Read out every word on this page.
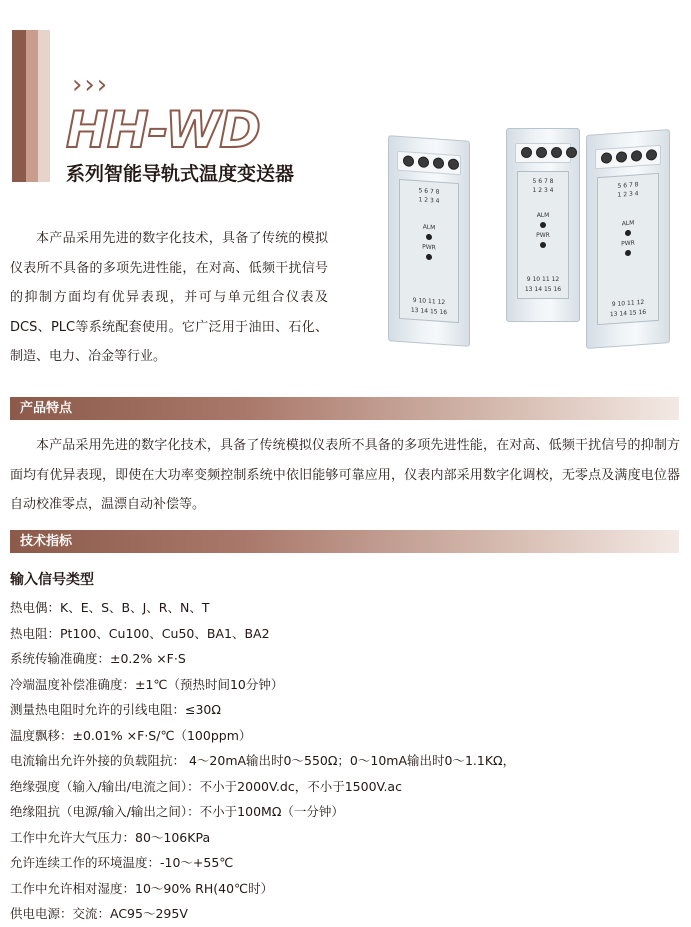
›››
HH-WD
系列智能导轨式温度变送器

本产品采用先进的数字化技术，具备了传统的模拟仪表所不具备的多项先进性能，在对高、低频干扰信号的抑制方面均有优异表现，并可与单元组合仪表及DCS、PLC等系统配套使用。它广泛用于油田、石化、制造、电力、冶金等行业。

5 6 7 8
1 2 3 4
ALM
PWR
9 10 11 12
13 14 15 16
5 6 7 8
1 2 3 4
ALM
PWR
9 10 11 12
13 14 15 16
5 6 7 8
1 2 3 4
ALM
PWR
9 10 11 12
13 14 15 16
产品特点

本产品采用先进的数字化技术，具备了传统模拟仪表所不具备的多项先进性能，在对高、低频干扰信号的抑制方面均有优异表现，即使在大功率变频控制系统中依旧能够可靠应用，仪表内部采用数字化调校，无零点及满度电位器自动校准零点，温漂自动补偿等。

技术指标
输入信号类型
热电偶：K、E、S、B、J、R、N、T
热电阻：Pt100、Cu100、Cu50、BA1、BA2
系统传输准确度：±0.2% ×F·S
冷端温度补偿准确度：±1℃（预热时间10分钟）
测量热电阻时允许的引线电阻：≤30Ω
温度飘移：±0.01% ×F·S/℃（100ppm）
电流输出允许外接的负载阻抗： 4～20mA输出时0～550Ω；0～10mA输出时0～1.1KΩ，
绝缘强度（输入/输出/电流之间）：不小于2000V.dc，不小于1500V.ac
绝缘阻抗（电源/输入/输出之间）：不小于100MΩ（一分钟）
工作中允许大气压力：80～106KPa
允许连续工作的环境温度：-10～+55℃
工作中允许相对湿度：10～90% RH(40℃时）
供电电源：交流：AC95～295V
